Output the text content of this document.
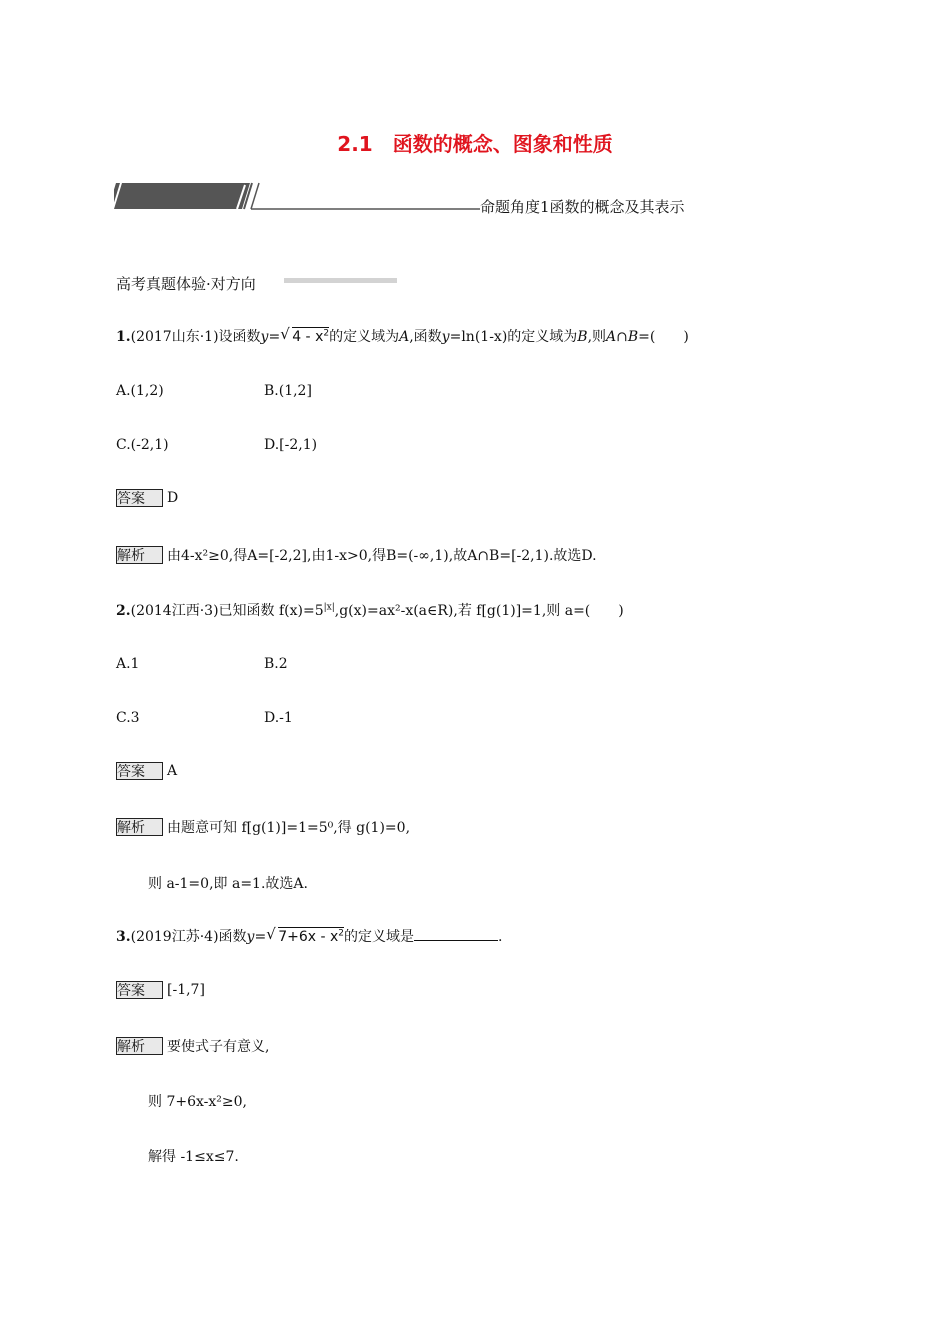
2.1　函数的概念、图象和性质
命题角度1函数的概念及其表示
高考真题体验·对方向
1.(2017山东·1)设函数y= √ $4 - x^2$的定义域为A,函数y=ln(1-x)的定义域为B,则A∩B=(　　)
A.(1,2)	B.(1,2]
C.(-2,1)	D.[-2,1)
答案 D
解析 由4-x²≥0,得A=[-2,2],由1-x>0,得B=(-∞,1),故A∩B=[-2,1).故选D.
2.(2014江西·3)已知函数 $f(x)=5^{|x|},g(x)=ax^2-x(a\in R)$,若 f[g(1)]=1,则 a=(　　)
A.1	B.2
C.3	D.-1
答案 A
解析 由题意可知 f[g(1)]=1=5⁰,得 g(1)=0,
则 a-1=0,即 a=1.故选A.
3.(2019江苏·4)函数y= √ $7+6x - x^2$的定义域是	.
答案 [-1,7]
解析 要使式子有意义,
则 7+6x-x²≥0,
解得 -1≤x≤7.
